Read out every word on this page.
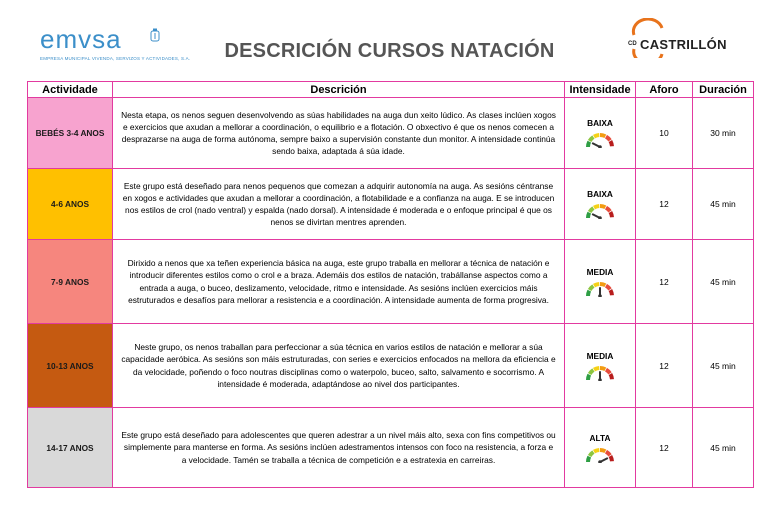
emvsa
EMPRESA MUNICIPAL VIVENDA, SERVIZOS Y ACTIVIDADES, S.A.	DESCRICIÓN CURSOS NATACIÓN	CD CASTRILLÓN
Actividade	Descrición	Intensidade	Aforo	Duración
BEBÉS 3-4 ANOS	Nesta etapa, os nenos seguen desenvolvendo as súas habilidades na auga dun xeito lúdico. As clases inclúen xogos e exercicios que axudan a mellorar a coordinación, o equilibrio e a flotación. O obxectivo é que os nenos comecen a desprazarse na auga de forma autónoma, sempre baixo a supervisión constante dun monitor. A intensidade continúa sendo baixa, adaptada á súa idade.	BAIXA	10	30 min
4-6 ANOS	Este grupo está deseñado para nenos pequenos que comezan a adquirir autonomía na auga. As sesións céntranse en xogos e actividades que axudan a mellorar a coordinación, a flotabilidade e a confianza na auga. E se introducen nos estilos de crol (nado ventral) y espalda (nado dorsal). A intensidade é moderada e o enfoque principal é que os nenos se divirtan mentres aprenden.	BAIXA	12	45 min
7-9 ANOS	Dirixido a nenos que xa teñen experiencia básica na auga, este grupo traballa en mellorar a técnica de natación e introducir diferentes estilos como o crol e a braza. Ademáis dos estilos de natación, trabállanse aspectos como a entrada a auga, o buceo, deslizamento, velocidade, ritmo e intensidade. As sesións inclúen exercicios máis estruturados e desafíos para mellorar a resistencia e a coordinación. A intensidade aumenta de forma progresiva.	MEDIA	12	45 min
10-13 ANOS	Neste grupo, os nenos traballan para perfeccionar a súa técnica en varios estilos de natación e mellorar a súa capacidade aeróbica. As sesións son máis estruturadas, con series e exercicios enfocados na mellora da eficiencia e da velocidade, poñendo o foco noutras disciplinas como o waterpolo, buceo, salto, salvamento e socorrismo. A intensidade é moderada, adaptándose ao nivel dos participantes.	MEDIA	12	45 min
14-17 ANOS	Este grupo está deseñado para adolescentes que queren adestrar a un nivel máis alto, sexa con fins competitivos ou simplemente para manterse en forma. As sesións inclúen adestramentos intensos con foco na resistencia, a forza e a velocidade. Tamén se traballa a técnica de competición e a estratexia en carreiras.	ALTA	12	45 min
